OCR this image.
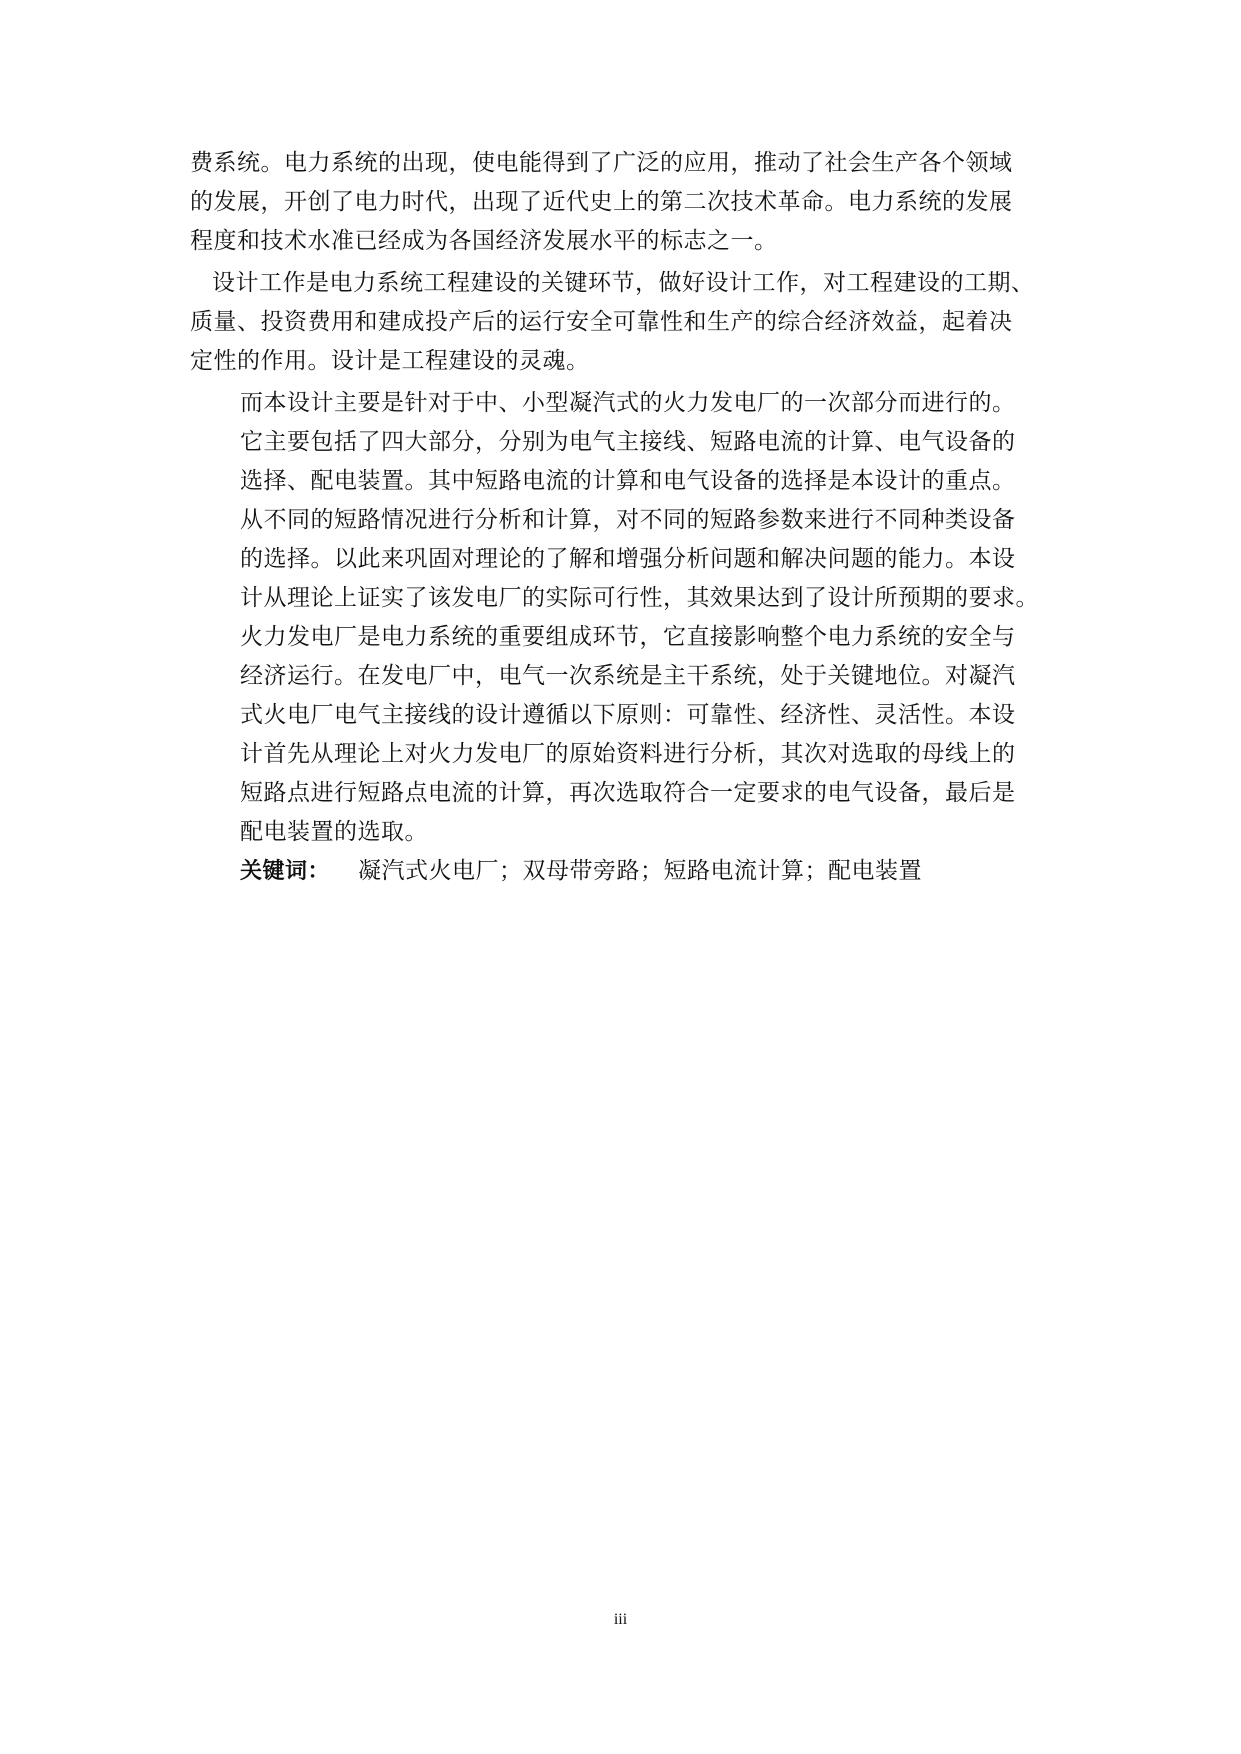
费系统。电力系统的出现，使电能得到了广泛的应用，推动了社会生产各个领域

的发展，开创了电力时代，出现了近代史上的第二次技术革命。电力系统的发展

程度和技术水准已经成为各国经济发展水平的标志之一。

设计工作是电力系统工程建设的关键环节，做好设计工作，对工程建设的工期、

质量、投资费用和建成投产后的运行安全可靠性和生产的综合经济效益，起着决

定性的作用。设计是工程建设的灵魂。

而本设计主要是针对于中、小型凝汽式的火力发电厂的一次部分而进行的。

它主要包括了四大部分，分别为电气主接线、短路电流的计算、电气设备的

选择、配电装置。其中短路电流的计算和电气设备的选择是本设计的重点。

从不同的短路情况进行分析和计算，对不同的短路参数来进行不同种类设备

的选择。以此来巩固对理论的了解和增强分析问题和解决问题的能力。本设

计从理论上证实了该发电厂的实际可行性，其效果达到了设计所预期的要求。

火力发电厂是电力系统的重要组成环节，它直接影响整个电力系统的安全与

经济运行。在发电厂中，电气一次系统是主干系统，处于关键地位。对凝汽

式火电厂电气主接线的设计遵循以下原则：可靠性、经济性、灵活性。本设

计首先从理论上对火力发电厂的原始资料进行分析，其次对选取的母线上的

短路点进行短路点电流的计算，再次选取符合一定要求的电气设备，最后是

配电装置的选取。

关键词： 凝汽式火电厂；双母带旁路；短路电流计算；配电装置

iii
